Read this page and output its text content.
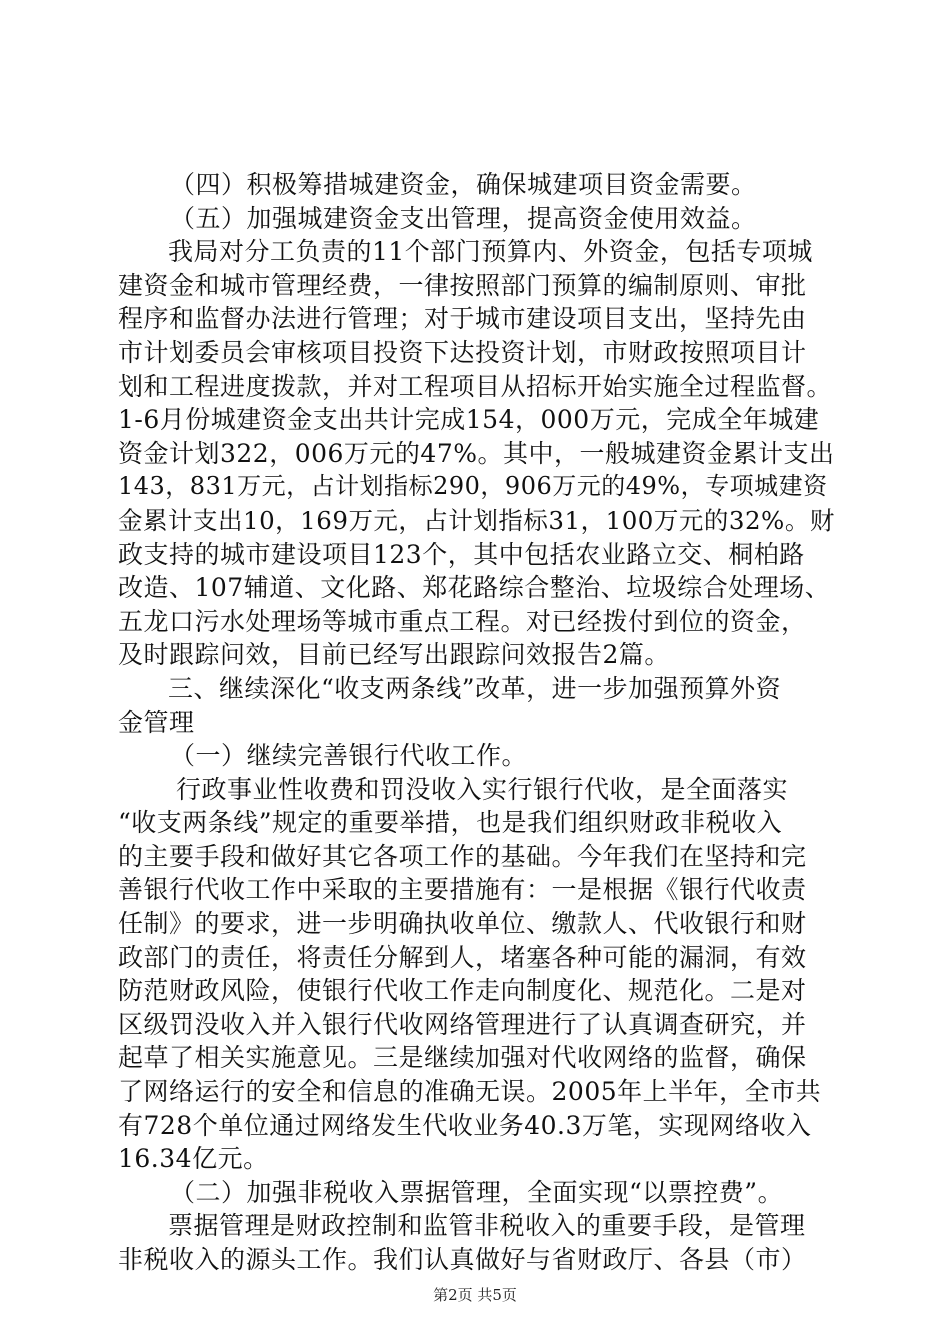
（四）积极筹措城建资金，确保城建项目资金需要。
（五）加强城建资金支出管理，提高资金使用效益。
我局对分工负责的11个部门预算内、外资金，包括专项城
建资金和城市管理经费，一律按照部门预算的编制原则、审批
程序和监督办法进行管理；对于城市建设项目支出，坚持先由
市计划委员会审核项目投资下达投资计划，市财政按照项目计
划和工程进度拨款，并对工程项目从招标开始实施全过程监督。
1-6月份城建资金支出共计完成154，000万元，完成全年城建
资金计划322，006万元的47%。其中，一般城建资金累计支出
143，831万元，占计划指标290，906万元的49%，专项城建资
金累计支出10，169万元，占计划指标31，100万元的32%。财
政支持的城市建设项目123个，其中包括农业路立交、桐柏路
改造、107辅道、文化路、郑花路综合整治、垃圾综合处理场、
五龙口污水处理场等城市重点工程。对已经拨付到位的资金，
及时跟踪问效，目前已经写出跟踪问效报告2篇。
三、继续深化“收支两条线”改革，进一步加强预算外资
金管理
（一）继续完善银行代收工作。
行政事业性收费和罚没收入实行银行代收，是全面落实
“收支两条线”规定的重要举措，也是我们组织财政非税收入
的主要手段和做好其它各项工作的基础。今年我们在坚持和完
善银行代收工作中采取的主要措施有：一是根据《银行代收责
任制》的要求，进一步明确执收单位、缴款人、代收银行和财
政部门的责任，将责任分解到人，堵塞各种可能的漏洞，有效
防范财政风险，使银行代收工作走向制度化、规范化。二是对
区级罚没收入并入银行代收网络管理进行了认真调查研究，并
起草了相关实施意见。三是继续加强对代收网络的监督，确保
了网络运行的安全和信息的准确无误。2005年上半年，全市共
有728个单位通过网络发生代收业务40.3万笔，实现网络收入
16.34亿元。
（二）加强非税收入票据管理，全面实现“以票控费”。
票据管理是财政控制和监管非税收入的重要手段，是管理
非税收入的源头工作。我们认真做好与省财政厅、各县（市）
第2页 共5页
